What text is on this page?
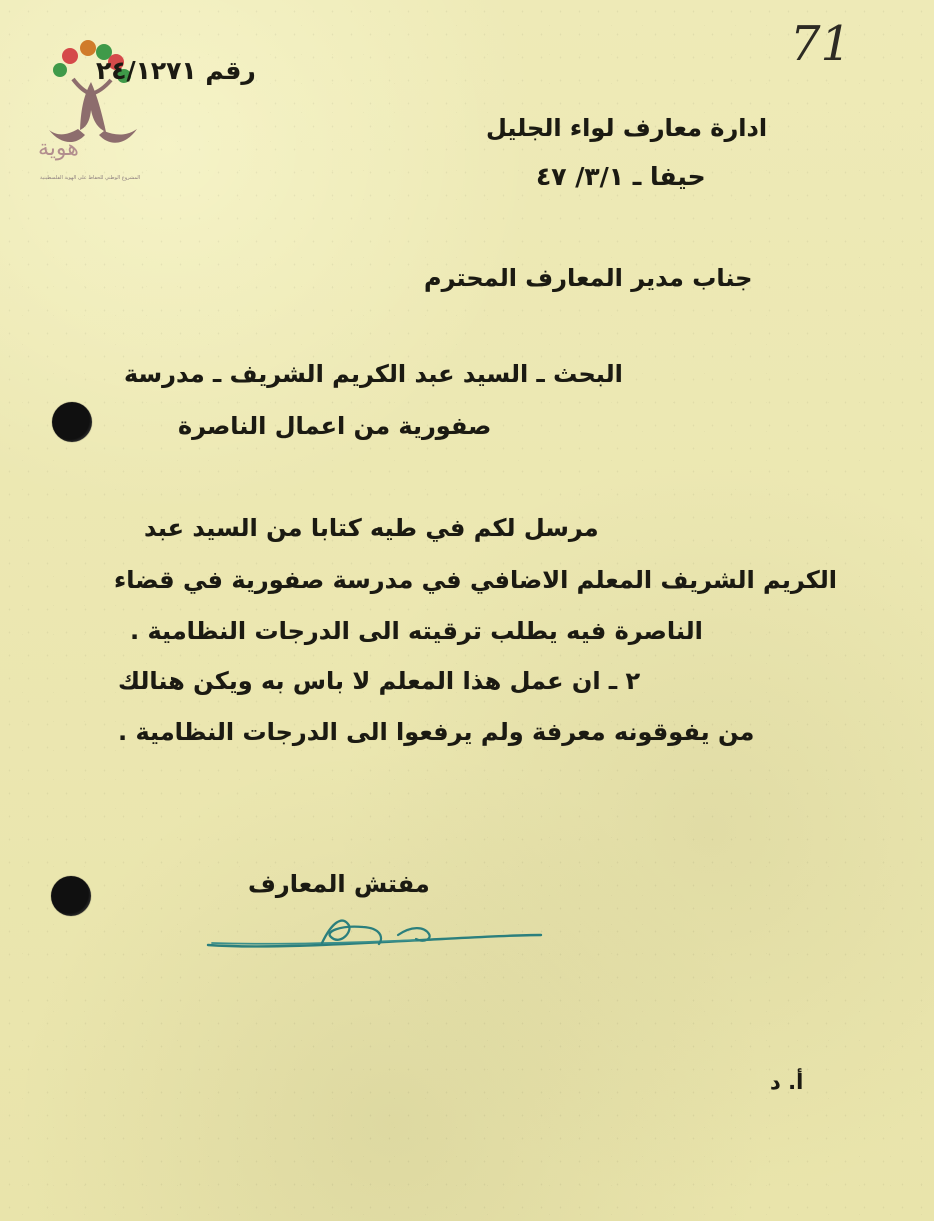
71
هوية
المشروع الوطني للحفاظ على الهوية الفلسطينية
رقم ٢٤/١٢٧١
ادارة معارف لواء الجليل
حيفا ـ ٣/١/ ٤٧
جناب مدير المعارف المحترم
البحث ـ السيد عبد الكريم الشريف ـ مدرسة
صفورية من اعمال الناصرة
مرسل لكم في طيه كتابا من السيد عبد
الكريم الشريف المعلم الاضافي في مدرسة صفورية في قضاء
الناصرة فيه يطلب ترقيته الى الدرجات النظامية .
٢ ـ ان عمل هذا المعلم لا باس به ويكن هنالك
من يفوقونه معرفة ولم يرفعوا الى الدرجات النظامية .
مفتش المعارف
أ. د
